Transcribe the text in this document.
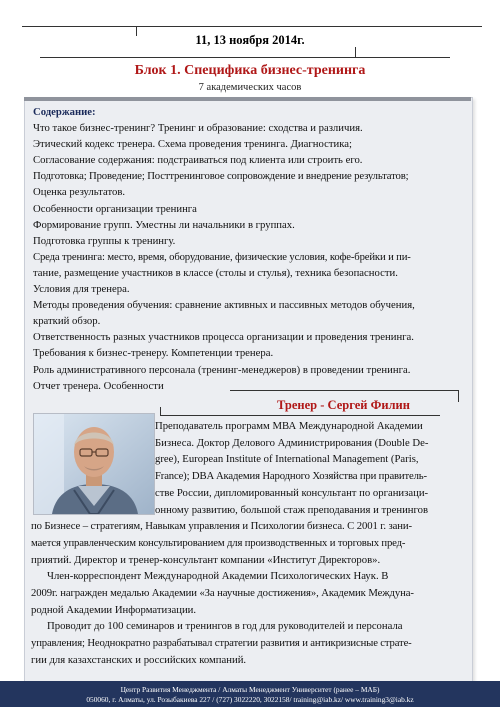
11, 13 ноября 2014г.
Блок 1. Специфика бизнес-тренинга
7 академических часов
Содержание:
Что такое бизнес-тренинг? Тренинг и образование: сходства и различия.
Этический кодекс тренера. Схема проведения тренинга. Диагностика;
Согласование содержания: подстраиваться под клиента или строить его.
Подготовка; Проведение; Посттренинговое сопровождение и внедрение результатов;
Оценка результатов.
Особенности организации тренинга
Формирование групп. Уместны ли начальники в группах.
Подготовка группы к тренингу.
Среда тренинга: место, время, оборудование, физические условия, кофе-брейки и пи-
тание, размещение участников в классе (столы и стулья), техника безопасности.
Условия для тренера.
Методы проведения обучения: сравнение активных и пассивных методов обучения,
краткий обзор.
Ответственность разных участников процесса организации и проведения тренинга.
Требования к бизнес-тренеру. Компетенции тренера.
Роль административного персонала (тренинг-менеджеров) в проведении тренинга.
Отчет тренера. Особенности
Тренер - Сергей Филин
Преподаватель программ МВА Международной Академии
Бизнеса. Доктор Делового Администрирования (Double De-
gree), European Institute of International Management (Paris,
France); DBA Академия Народного Хозяйства при правитель-
стве России, дипломированный консультант по организаци-
онному развитию, большой стаж преподавания и тренингов
по Бизнесе – стратегиям, Навыкам управления и Психологии бизнеса. С 2001 г. зани-
мается управленческим консультированием для производственных и торговых пред-
приятий. Директор и тренер-консультант компании «Институт Директоров».
Член-корреспондент Международной Академии Психологических Наук. В
2009г. награжден медалью Академии «За научные достижения», Академик Междуна-
родной Академии Информатизации.
Проводит до 100 семинаров и тренингов в год для руководителей и персонала
управления; Неоднократно разрабатывал стратегии развития и антикризисные страте-
гии для казахстанских и российских компаний.
Центр Развития Менеджмента / Алматы Менеджмент Университет (ранее – МАБ)
050060, г. Алматы, ул. Розыбакиева 227 / (727) 3022220, 3022158/ training@iab.kz/ www.training3@iab.kz
